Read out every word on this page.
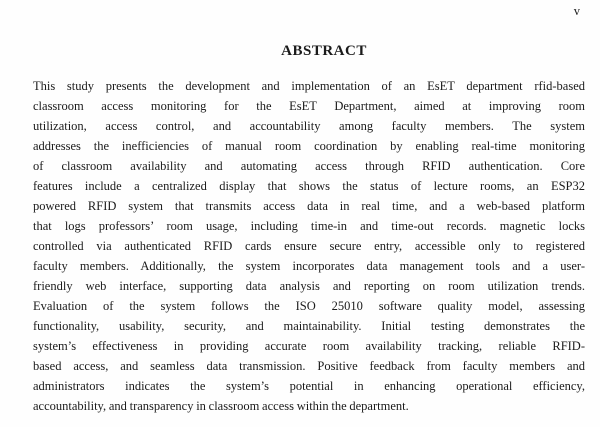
v
ABSTRACT
This study presents the development and implementation of an EsET department rfid-based
classroom access monitoring for the EsET Department, aimed at improving room
utilization, access control, and accountability among faculty members. The system
addresses the inefficiencies of manual room coordination by enabling real-time monitoring
of classroom availability and automating access through RFID authentication. Core
features include a centralized display that shows the status of lecture rooms, an ESP32
powered RFID system that transmits access data in real time, and a web-based platform
that logs professors’ room usage, including time-in and time-out records. magnetic locks
controlled via authenticated RFID cards ensure secure entry, accessible only to registered
faculty members. Additionally, the system incorporates data management tools and a user-
friendly web interface, supporting data analysis and reporting on room utilization trends.
Evaluation of the system follows the ISO 25010 software quality model, assessing
functionality, usability, security, and maintainability. Initial testing demonstrates the
system’s effectiveness in providing accurate room availability tracking, reliable RFID-
based access, and seamless data transmission. Positive feedback from faculty members and
administrators indicates the system’s potential in enhancing operational efficiency,
accountability, and transparency in classroom access within the department.
